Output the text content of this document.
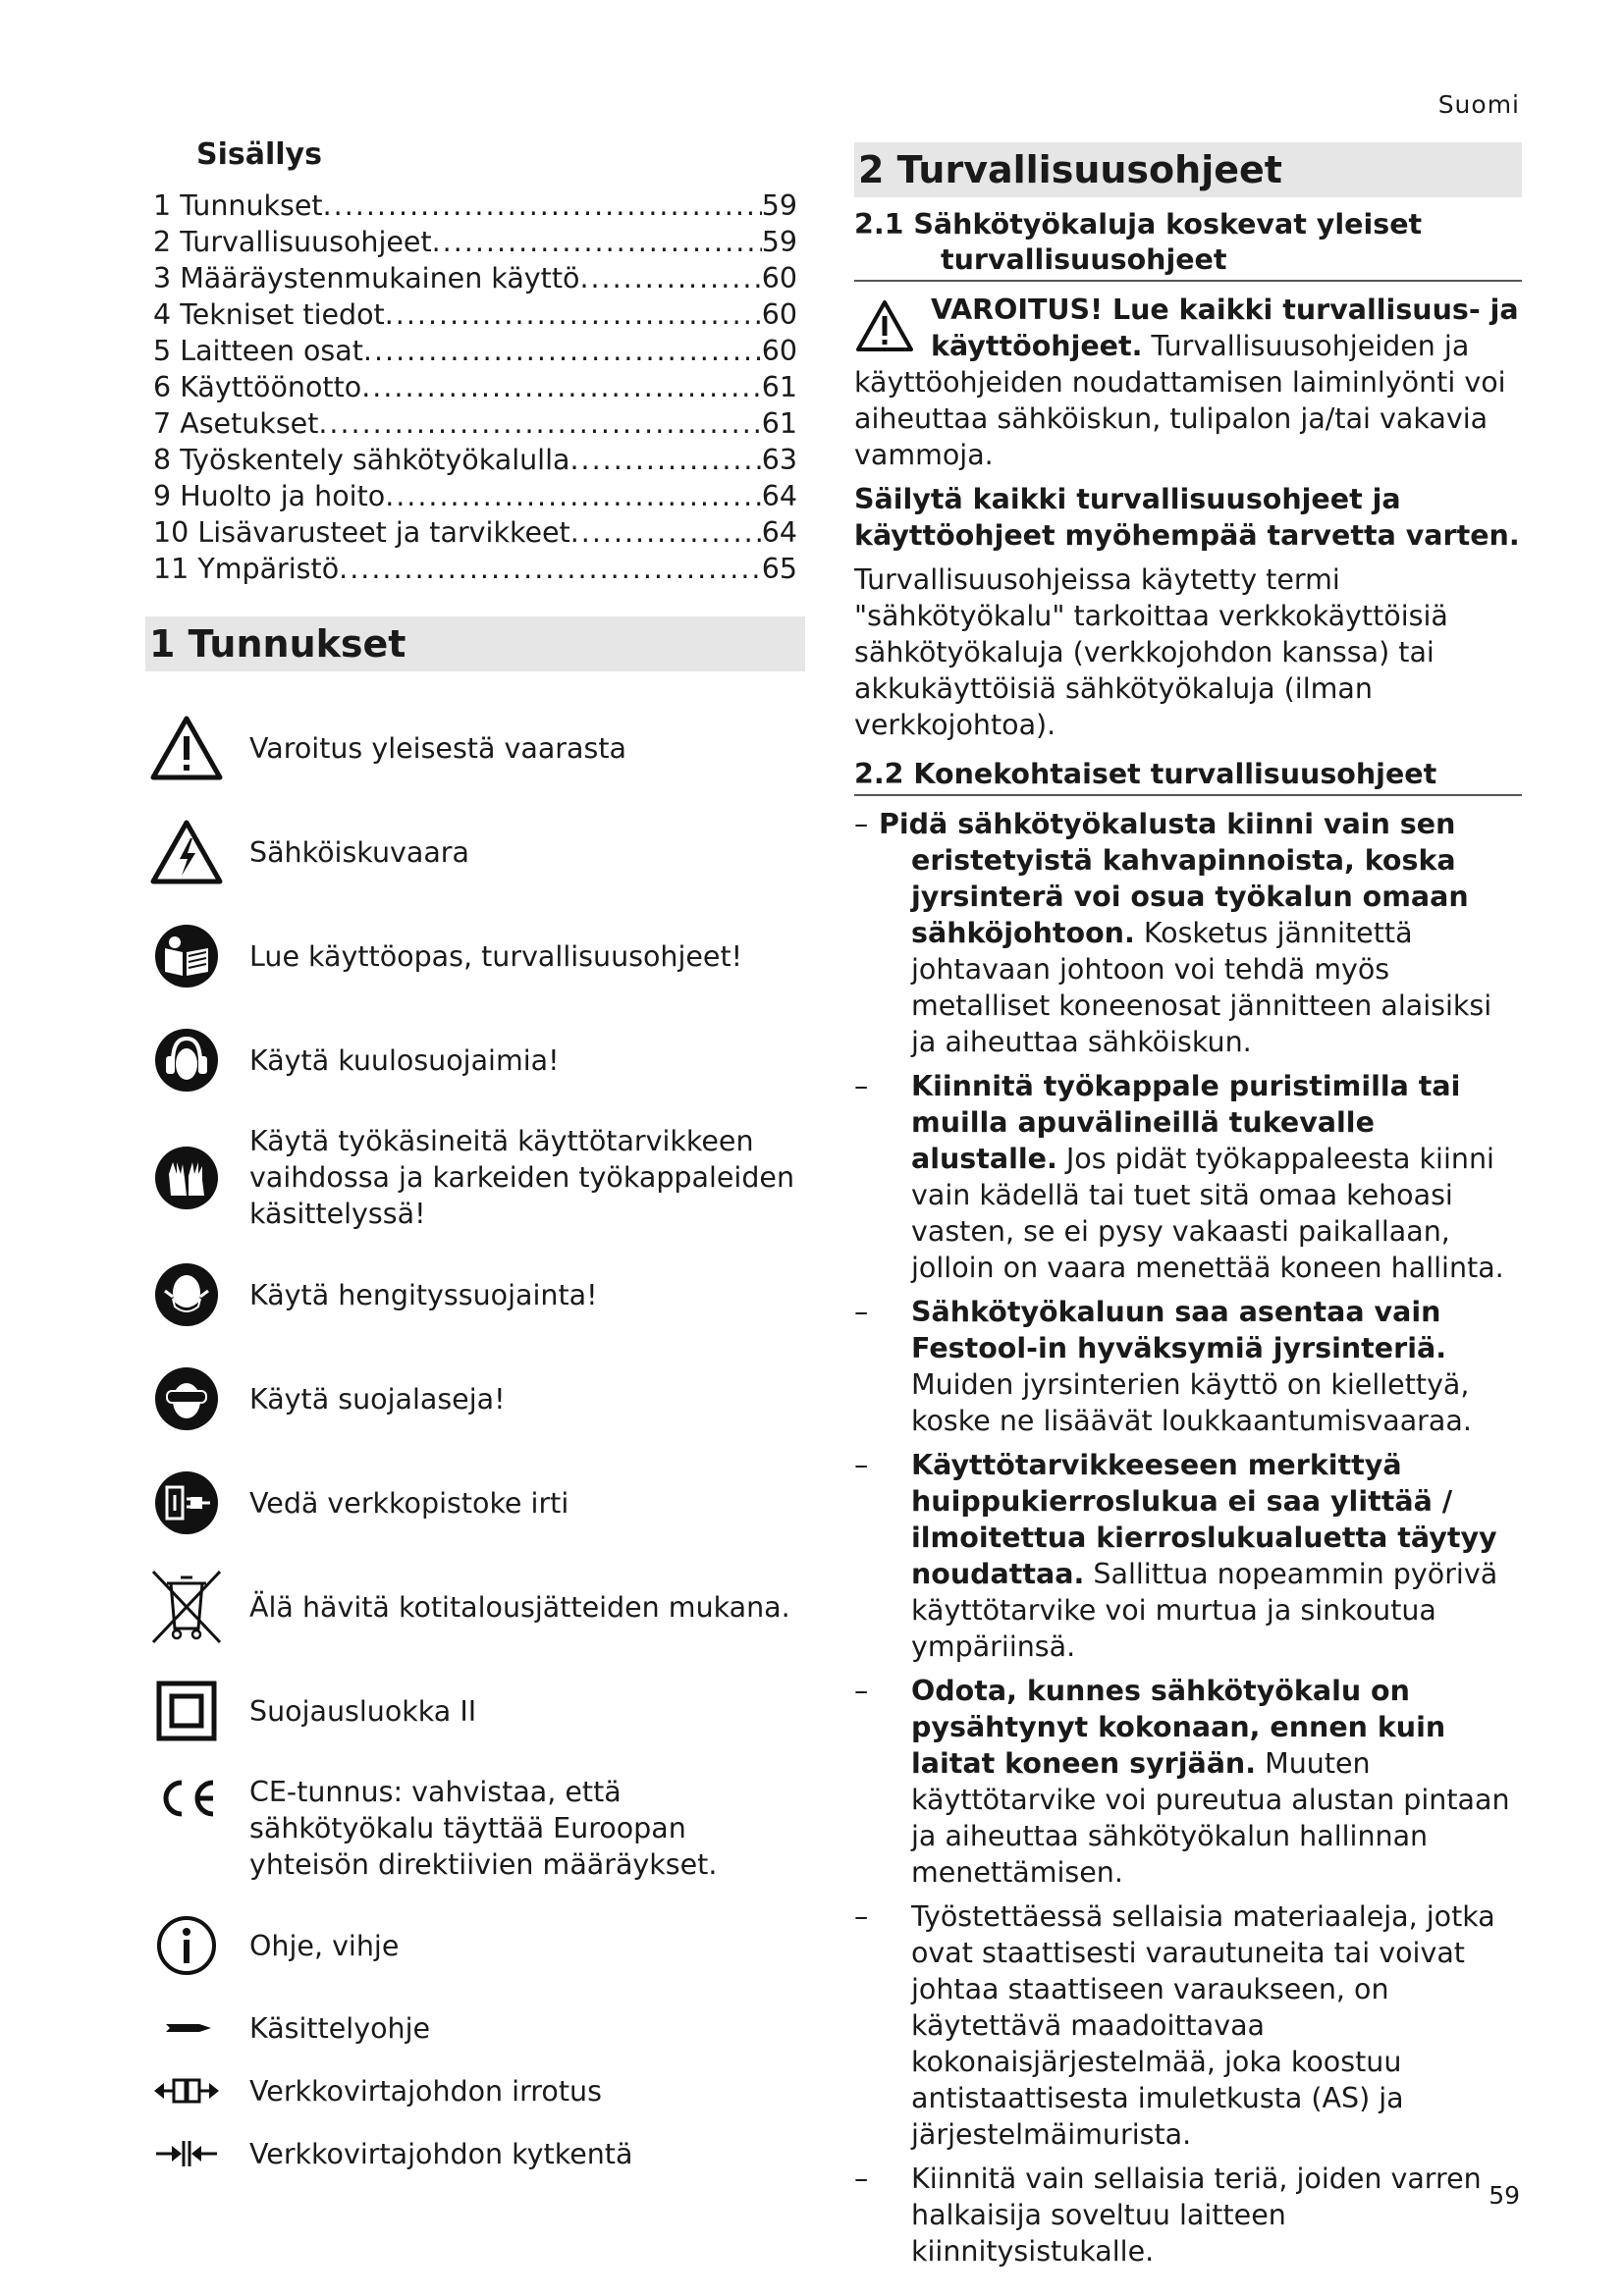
Suomi
Sisällys
1 Tunnukset .....	59
2 Turvallisuusohjeet .....	59
3 Määräystenmukainen käyttö .....	60
4 Tekniset tiedot .....	60
5 Laitteen osat .....	60
6 Käyttöönotto .....	61
7 Asetukset .....	61
8 Työskentely sähkötyökalulla .....	63
9 Huolto ja hoito .....	64
10 Lisävarusteet ja tarvikkeet .....	64
11 Ympäristö .....	65
1 Tunnukset
Varoitus yleisestä vaarasta
Sähköiskuvaara
Lue käyttöopas, turvallisuusohjeet!
Käytä kuulosuojaimia!
Käytä työkäsineitä käyttötarvikkeen vaihdossa ja karkeiden työkappaleiden käsittelyssä!
Käytä hengityssuojainta!
Käytä suojalaseja!
Vedä verkkopistoke irti
Älä hävitä kotitalousjätteiden mukana.
Suojausluokka II
CE-tunnus: vahvistaa, että sähkötyökalu täyttää Euroopan yhteisön direktiivien määräykset.
Ohje, vihje
Käsittelyohje
Verkkovirtajohdon irrotus
Verkkovirtajohdon kytkentä
2 Turvallisuusohjeet
2.1 Sähkötyökaluja koskevat yleiset
turvallisuusohjeet
VAROITUS! Lue kaikki turvallisuus- ja käyttöohjeet. Turvallisuusohjeiden ja käyttöohjeiden noudattamisen laiminlyönti voi aiheuttaa sähköiskun, tulipalon ja/tai vakavia vammoja.
Säilytä kaikki turvallisuusohjeet ja käyttöohjeet myöhempää tarvetta varten.
Turvallisuusohjeissa käytetty termi "sähkötyökalu" tarkoittaa verkkokäyttöisiä sähkötyökaluja (verkkojohdon kanssa) tai akkukäyttöisiä sähkötyökaluja (ilman verkkojohtoa).
2.2 Konekohtaiset turvallisuusohjeet
– Pidä sähkötyökalusta kiinni vain sen eristetyistä kahvapinnoista, koska jyrsinterä voi osua työkalun omaan sähköjohtoon. Kosketus jännitettä johtavaan johtoon voi tehdä myös metalliset koneenosat jännitteen alaisiksi ja aiheuttaa sähköiskun.
– Kiinnitä työkappale puristimilla tai muilla apuvälineillä tukevalle alustalle. Jos pidät työkappaleesta kiinni vain kädellä tai tuet sitä omaa kehoasi vasten, se ei pysy vakaasti paikallaan, jolloin on vaara menettää koneen hallinta.
– Sähkötyökaluun saa asentaa vain Festool-in hyväksymiä jyrsinteriä. Muiden jyrsinterien käyttö on kiellettyä, koske ne lisäävät loukkaantumisvaaraa.
– Käyttötarvikkeeseen merkittyä huippukierroslukua ei saa ylittää / ilmoitettua kierroslukualuetta täytyy noudattaa. Sallittua nopeammin pyörivä käyttötarvike voi murtua ja sinkoutua ympäriinsä.
– Odota, kunnes sähkötyökalu on pysähtynyt kokonaan, ennen kuin laitat koneen syrjään. Muuten käyttötarvike voi pureutua alustan pintaan ja aiheuttaa sähkötyökalun hallinnan menettämisen.
– Työstettäessä sellaisia materiaaleja, jotka ovat staattisesti varautuneita tai voivat johtaa staattiseen varaukseen, on käytettävä maadoittavaa kokonaisjärjestelmää, joka koostuu antistaattisesta imuletkusta (AS) ja järjestelmäimurista.
– Kiinnitä vain sellaisia teriä, joiden varren halkaisija soveltuu laitteen kiinnitysistukalle.
59
